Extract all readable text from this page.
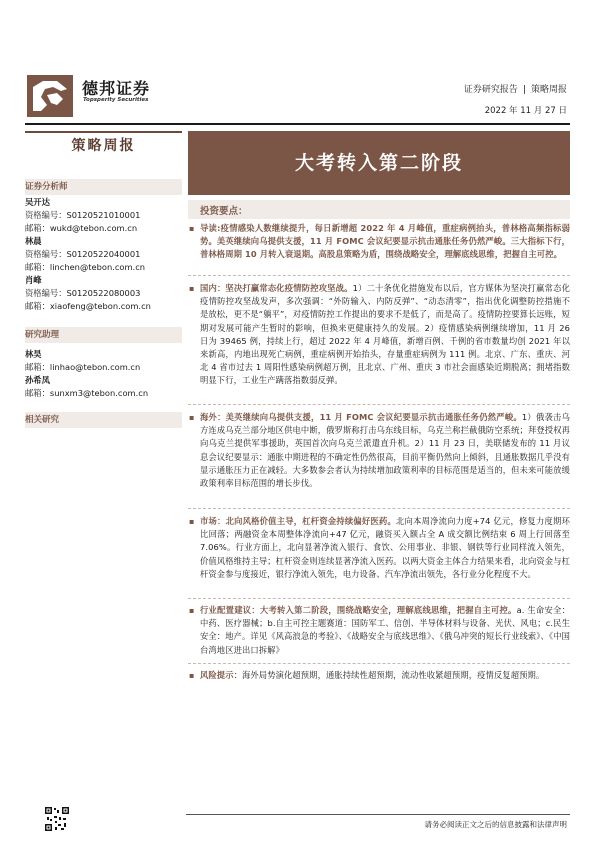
德邦证券
Topsperity Securities
证券研究报告 | 策略周报
2022 年 11 月 27 日
策略周报
证券分析师
吴开达
资格编号：S0120521010001
邮箱：wukd@tebon.com.cn
林晨
资格编号：S0120522040001
邮箱：linchen@tebon.com.cn
肖峰
资格编号：S0120522080003
邮箱：xiaofeng@tebon.com.cn
研究助理
林昊
邮箱：linhao@tebon.com.cn
孙希凤
邮箱：sunxm3@tebon.com.cn
相关研究
大考转入第二阶段
投资要点：
▪ 导读:疫情感染人数继续提升，每日新增超 2022 年 4 月峰值，重症病例抬头，普林格高频指标弱势。美英继续向乌提供支援，11 月 FOMC 会议纪要显示抗击通胀任务仍然严峻。三大指标下行，普林格周期 10 月转入衰退期。高股息策略为盾，围绕战略安全，理解底线思维，把握自主可控。
▪ 国内：坚决打赢常态化疫情防控攻坚战。1）二十条优化措施发布以后，官方媒体为坚决打赢常态化疫情防控攻坚战发声，多次强调：“外防输入、内防反弹”、“动态清零”，指出优化调整防控措施不是放松，更不是“躺平”，对疫情防控工作提出的要求不是低了，而是高了。疫情防控要算长远账，短期对发展可能产生暂时的影响，但换来更健康持久的发展。2）疫情感染病例继续增加，11 月 26 日为 39465 例，持续上行，超过 2022 年 4 月峰值，新增百例、千例的省市数量均创 2021 年以来新高，内地出现死亡病例，重症病例开始抬头，存量重症病例为 111 例。北京、广东、重庆、河北 4 省市过去 1 周阳性感染病例超万例，且北京、广州、重庆 3 市社会面感染近期脱离；拥堵指数明显下行，工业生产蹒落指数弱反弹。
▪ 海外：美英继续向乌提供支援，11 月 FOMC 会议纪要显示抗击通胀任务仍然严峻。1）俄袭击乌方连成乌克兰部分地区供电中断，俄罗斯称打击乌东线目标，乌克兰称拦截俄防空系统；拜登授权再向乌克兰提供军事援助，英国首次向乌克兰派遣直升机。2）11 月 23 日，美联储发布的 11 月议息会议纪要显示：通胀中期进程的不确定性仍然很高，目前平衡仍然向上倾斜，且通胀数据几乎没有显示通胀压力正在减轻。大多数参会者认为持续增加政策利率的目标范围是适当的，但未来可能放缓政策利率目标范围的增长步伐。
▪ 市场：北向风格价值主导，杠杆资金持续偏好医药。北向本周净流向力度+74 亿元，修复力度期环比回落；两融资金本周整体净流向+47 亿元，融资买入额占全 A 成交额比例结束 6 周上行回落至 7.06%。行业方面上，北向显著净流入银行、食饮、公用事业、非银、钢铁等行业同样流入领先，价值风格维持主导；杠杆资金则连续显著净流入医药。以两大资金主体合力结果来看，北向资金与杠杆资金参与度接近，银行净流入领先，电力设备、汽车净流出领先，各行业分化程度不大。
▪ 行业配置建议：大考转入第二阶段，围绕战略安全，理解底线思维，把握自主可控。a. 生命安全：中药、医疗器械；b.自主可控主题赛道：国防军工、信创、半导体材料与设备、光伏、风电；c.民生安全：地产。详见《风高浪急的考验》、《战略安全与底线思维》、《俄乌冲突的短长行业线索》、《中国台湾地区进出口拆解》
▪ 风险提示：海外局势演化超预期，通胀持续性超预期，流动性收紧超预期，疫情反复超预期。
请务必阅读正文之后的信息披露和法律声明
